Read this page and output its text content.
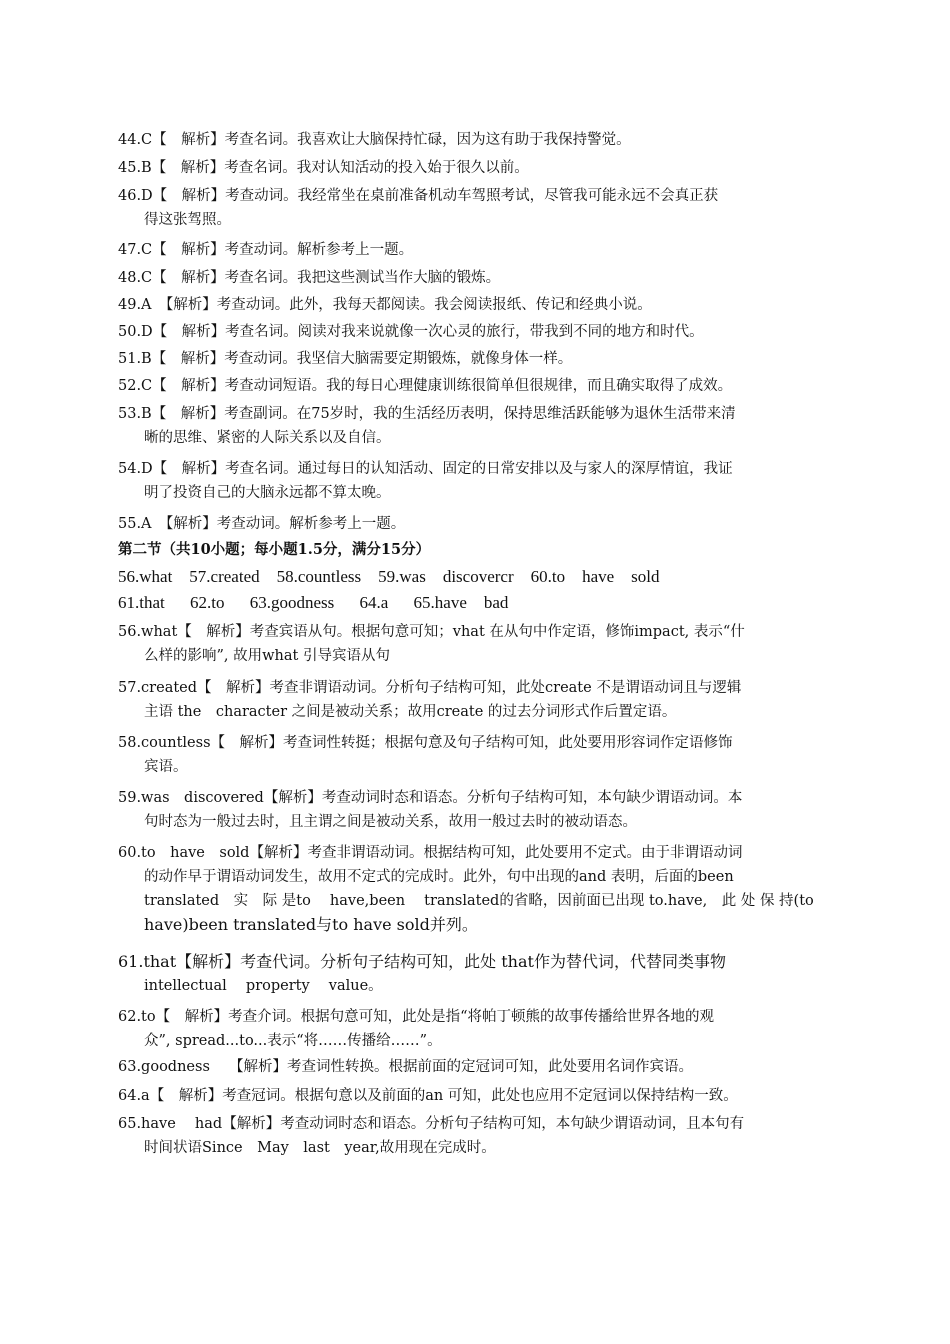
44.C【　解析】考查名词。我喜欢让大脑保持忙碌，因为这有助于我保持警觉。
45.B【　解析】考查名词。我对认知活动的投入始于很久以前。
46.D【　解析】考查动词。我经常坐在桌前准备机动车驾照考试，尽管我可能永远不会真正获
得这张驾照。
47.C【　解析】考查动词。解析参考上一题。
48.C【　解析】考查名词。我把这些测试当作大脑的锻炼。
49.A　【解析】考查动词。此外，我每天都阅读。我会阅读报纸、传记和经典小说。
50.D【　解析】考查名词。阅读对我来说就像一次心灵的旅行，带我到不同的地方和时代。
51.B【　解析】考查动词。我坚信大脑需要定期锻炼，就像身体一样。
52.C【　解析】考查动词短语。我的每日心理健康训练很简单但很规律，而且确实取得了成效。
53.B【　解析】考查副词。在75岁时，我的生活经历表明，保持思维活跃能够为退休生活带来清
晰的思维、紧密的人际关系以及自信。
54.D【　解析】考查名词。通过每日的认知活动、固定的日常安排以及与家人的深厚情谊，我证
明了投资自己的大脑永远都不算太晚。
55.A　【解析】考查动词。解析参考上一题。
第二节（共10小题；每小题1.5分，满分15分）
56.what　57.created　58.countless　59.was　discovercr　60.to　have　sold
61.that　 62.to　 63.goodness　 64.a　 65.have　bad
56.what【　解析】考查宾语从句。根据句意可知；vhat 在从句中作定语，修饰impact, 表示“什
么样的影响”, 故用what 引导宾语从句
57.created【　解析】考查非谓语动词。分析句子结构可知，此处create 不是谓语动词且与逻辑
主语 the　character 之间是被动关系；故用create 的过去分词形式作后置定语。
58.countless【　解析】考查词性转挺；根据句意及句子结构可知，此处要用形容词作定语修饰
宾语。
59.was　discovered【解析】考查动词时态和语态。分析句子结构可知，本句缺少谓语动词。本
句时态为一般过去时，且主谓之间是被动关系，故用一般过去时的被动语态。
60.to　have　sold【解析】考查非谓语动词。根据结构可知，此处要用不定式。由于非谓语动词
的动作早于谓语动词发生，故用不定式的完成时。此外，句中出现的and 表明，后面的been
translated　实　际 是to　 have,been　 translated的省略，因前面已出现 to.have,　此 处 保 持(to
have)been translated与to have sold并列。
61.that【解析】考查代词。分析句子结构可知，此处 that作为替代词，代替同类事物
intellectual　 property　 value。
62.to【　解析】考查介词。根据句意可知，此处是指“将帕丁顿熊的故事传播给世界各地的观
众”, spread...to...表示“将……传播给……”。
63.goodness　 【解析】考查词性转换。根据前面的定冠词可知，此处要用名词作宾语。
64.a【　解析】考查冠词。根据句意以及前面的an 可知，此处也应用不定冠词以保持结构一致。
65.have　 had【解析】考查动词时态和语态。分析句子结构可知，本句缺少谓语动词，且本句有
时间状语Since　May　last　year,故用现在完成时。
